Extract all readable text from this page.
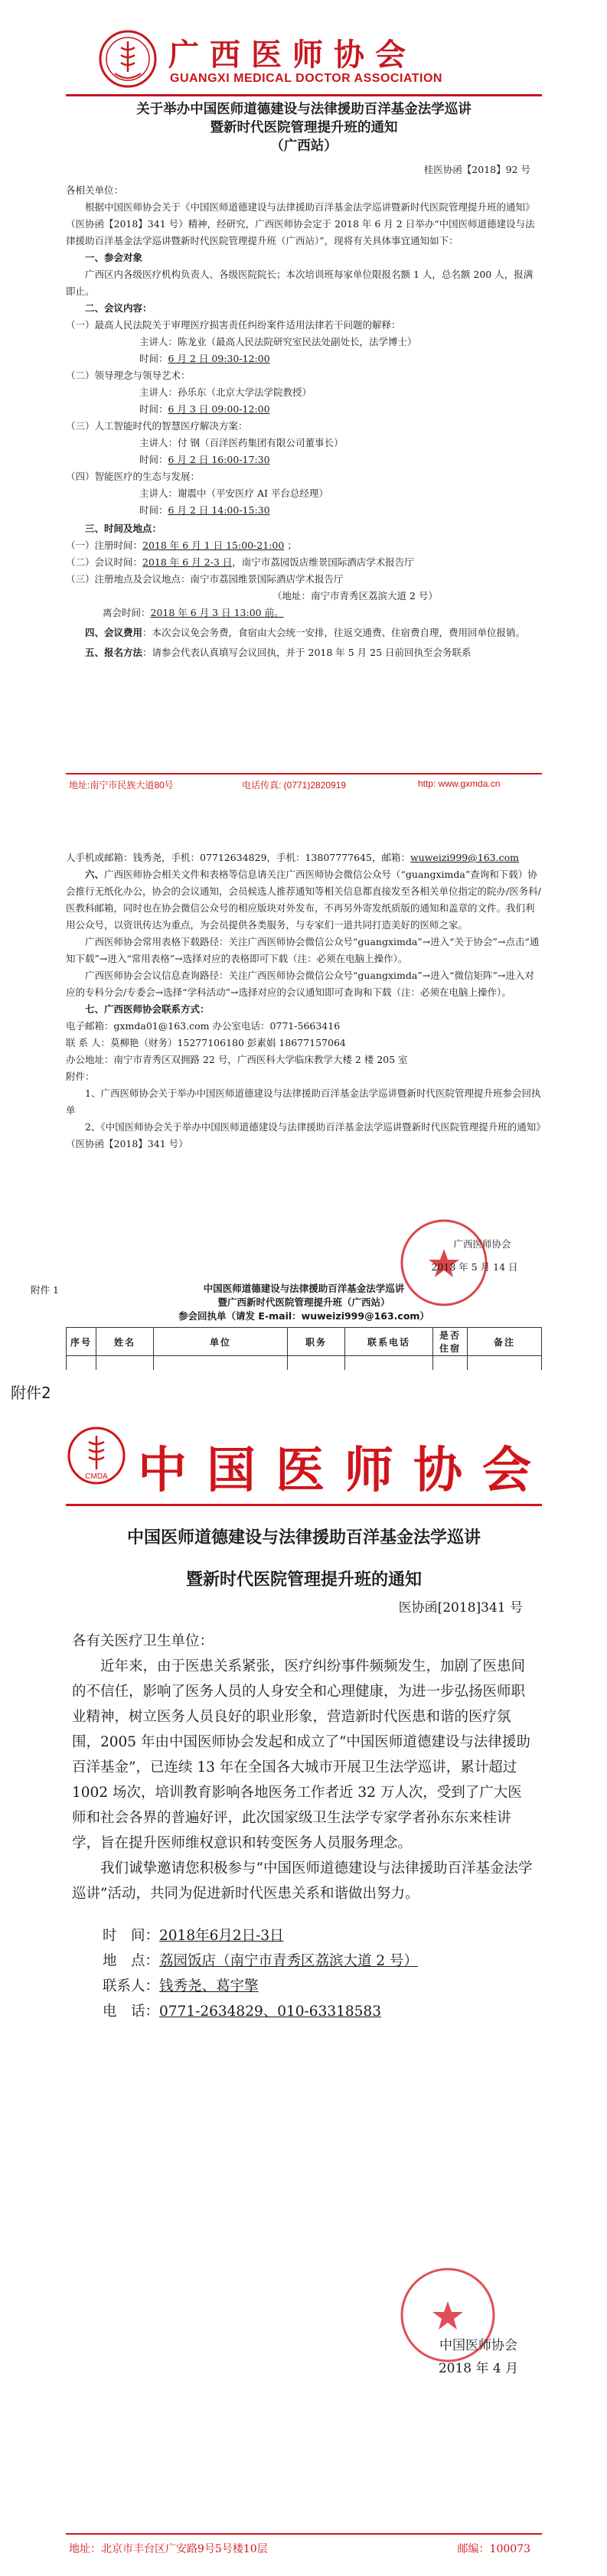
广西医师协会
GUANGXI MEDICAL DOCTOR ASSOCIATION
关于举办中国医师道德建设与法律援助百洋基金法学巡讲
暨新时代医院管理提升班的通知
（广西站）
桂医协函【2018】92 号
各相关单位：
根据中国医师协会关于《中国医师道德建设与法律援助百洋基金法学巡讲暨新时代医院管理提升班的通知》（医协函【2018】341 号）精神，经研究，广西医师协会定于 2018 年 6 月 2 日举办“中国医师道德建设与法律援助百洋基金法学巡讲暨新时代医院管理提升班（广西站）”，现将有关具体事宜通知如下：
一、参会对象
广西区内各级医疗机构负责人、各级医院院长；本次培训班每家单位限报名额 1 人，总名额 200 人，报满即止。
二、会议内容：
（一）最高人民法院关于审理医疗损害责任纠纷案件适用法律若干问题的解释：
主讲人：陈龙业（最高人民法院研究室民法处副处长，法学博士）
时间：6 月 2 日 09:30-12:00
（二）领导理念与领导艺术：
主讲人：孙乐东（北京大学法学院教授）
时间：6 月 3 日 09:00-12:00
（三）人工智能时代的智慧医疗解决方案：
主讲人：付 钢（百洋医药集团有限公司董事长）
时间：6 月 2 日 16:00-17:30
（四）智能医疗的生态与发展：
主讲人：谢震中（平安医疗 AI 平台总经理）
时间：6 月 2 日 14:00-15:30
三、时间及地点：
（一）注册时间：2018 年 6 月 1 日 15:00-21:00 ；
（二）会议时间：2018 年 6 月 2-3 日，南宁市荔园饭店维景国际酒店学术报告厅
（三）注册地点及会议地点：南宁市荔园维景国际酒店学术报告厅
（地址：南宁市青秀区荔滨大道 2 号）
离会时间：2018 年 6 月 3 日 13:00 前。
四、会议费用：本次会议免会务费，食宿由大会统一安排，往返交通费、住宿费自理，费用回单位报销。
五、报名方法：请参会代表认真填写会议回执，并于 2018 年 5 月 25 日前回执至会务联系
地址:南宁市民族大道80号	电话传真: (0771)2820919	http: www.gxmda.cn
人手机或邮箱：钱秀尧，手机：07712634829，手机：13807777645，邮箱：wuweizi999@163.com
六、广西医师协会相关文件和表格等信息请关注广西医师协会微信公众号（“guangximda”查询和下载）协会推行无纸化办公，协会的会议通知，会员候选人推荐通知等相关信息都直接发至各相关单位指定的院办/医务科/医教科邮箱，同时也在协会微信公众号的相应版块对外发布，不再另外寄发纸质版的通知和盖章的文件。我们利用公众号，以资讯传达为重点，为会员提供各类服务，与专家们一道共同打造美好的医师之家。
广西医师协会常用表格下载路径：关注广西医师协会微信公众号“guangximda”→进入“关于协会”→点击“通知下载”→进入“常用表格”→选择对应的表格即可下载（注：必须在电脑上操作）。
广西医师协会会议信息查询路径：关注广西医师协会微信公众号“guangximda”→进入“微信矩阵”→进入对应的专科分会/专委会→选择“学科活动”→选择对应的会议通知即可查询和下载（注：必须在电脑上操作）。
七、广西医师协会联系方式：
电子邮箱：gxmda01@163.com 办公室电话：0771-5663416
联 系 人：莫柳艳（财务）15277106180 彭素娟 18677157064
办公地址：南宁市青秀区双拥路 22 号，广西医科大学临床教学大楼 2 楼 205 室
附件：
1、广西医师协会关于举办中国医师道德建设与法律援助百洋基金法学巡讲暨新时代医院管理提升班参会回执单
2、《中国医师协会关于举办中国医师道德建设与法律援助百洋基金法学巡讲暨新时代医院管理提升班的通知》（医协函【2018】341 号）
广西医师协会
2018 年 5 月 14 日
附件 1	中国医师道德建设与法律援助百洋基金法学巡讲
暨广西新时代医院管理提升班（广西站）
参会回执单（请发 E-mail：wuweizi999@163.com）
序号	姓名	单位	职务	联系电话	是否住宿	备注

附件2
CMDA 中国医师协会
中国医师道德建设与法律援助百洋基金法学巡讲
暨新时代医院管理提升班的通知
医协函[2018]341 号

各有关医疗卫生单位：

近年来，由于医患关系紧张，医疗纠纷事件频频发生，加剧了医患间的不信任，影响了医务人员的人身安全和心理健康，为进一步弘扬医师职业精神，树立医务人员良好的职业形象，营造新时代医患和谐的医疗氛围，2005 年由中国医师协会发起和成立了“中国医师道德建设与法律援助百洋基金”，已连续 13 年在全国各大城市开展卫生法学巡讲，累计超过 1002 场次，培训教育影响各地医务工作者近 32 万人次，受到了广大医师和社会各界的普遍好评，此次国家级卫生法学专家学者孙东东来桂讲学，旨在提升医师维权意识和转变医务人员服务理念。

我们诚挚邀请您积极参与“中国医师道德建设与法律援助百洋基金法学巡讲”活动，共同为促进新时代医患关系和谐做出努力。

时　间：2018年6月2日-3日

地　点：荔园饭店（南宁市青秀区荔滨大道 2 号）

联系人：钱秀尧、葛宇擎

电　话：0771-2634829、010-63318583

中国医师协会
2018 年 4 月
地址：北京市丰台区广安路9号5号楼10层	邮编：100073
